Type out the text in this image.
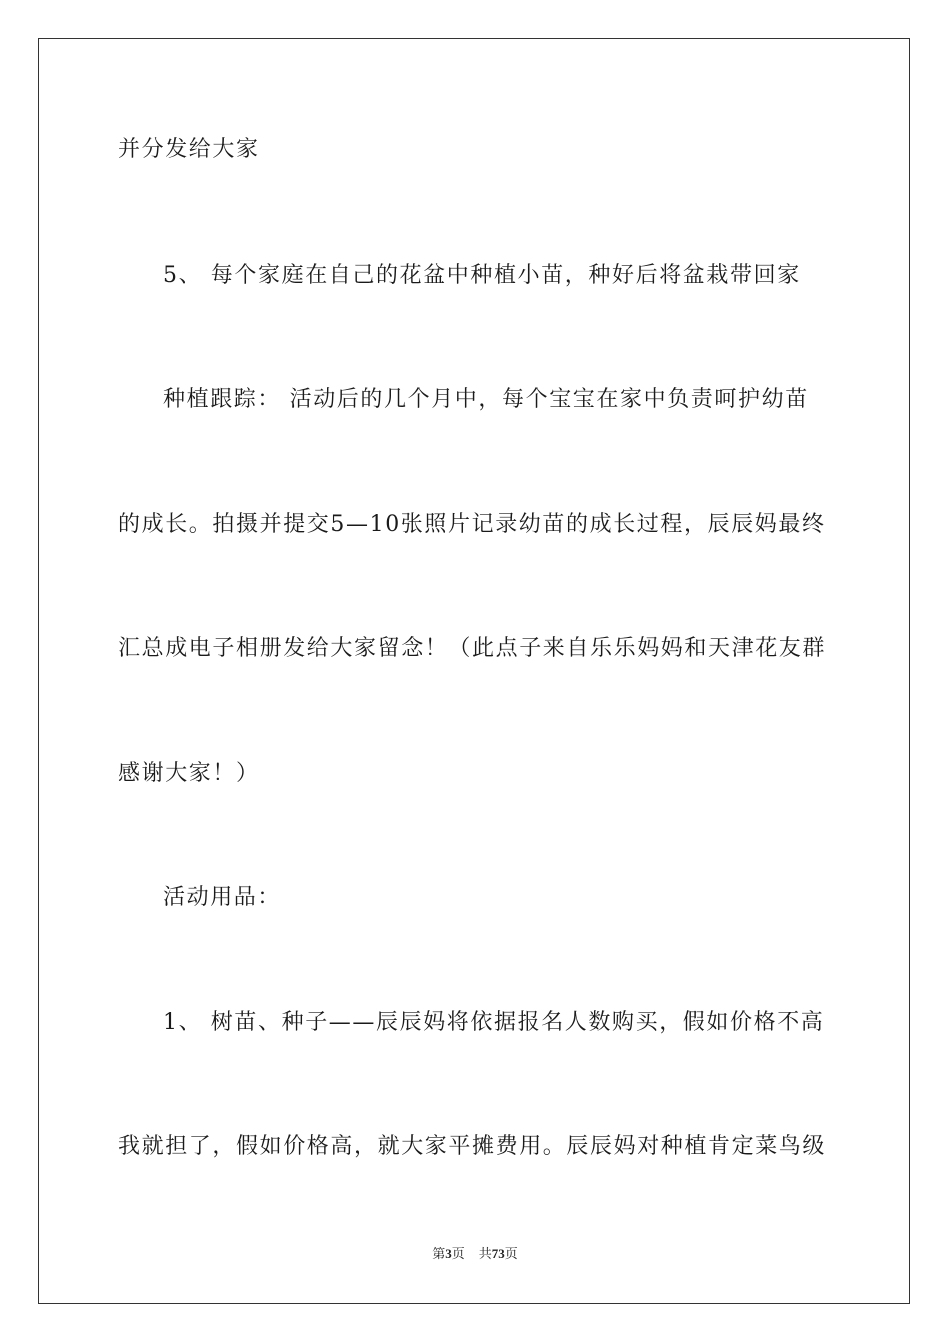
并分发给大家
5、 每个家庭在自己的花盆中种植小苗，种好后将盆栽带回家
种植跟踪： 活动后的几个月中，每个宝宝在家中负责呵护幼苗
的成长。拍摄并提交5—10张照片记录幼苗的成长过程，辰辰妈最终
汇总成电子相册发给大家留念！（此点子来自乐乐妈妈和天津花友群
感谢大家！）
活动用品：
1、 树苗、种子——辰辰妈将依据报名人数购买，假如价格不高
我就担了，假如价格高，就大家平摊费用。辰辰妈对种植肯定菜鸟级
第3页 共73页
